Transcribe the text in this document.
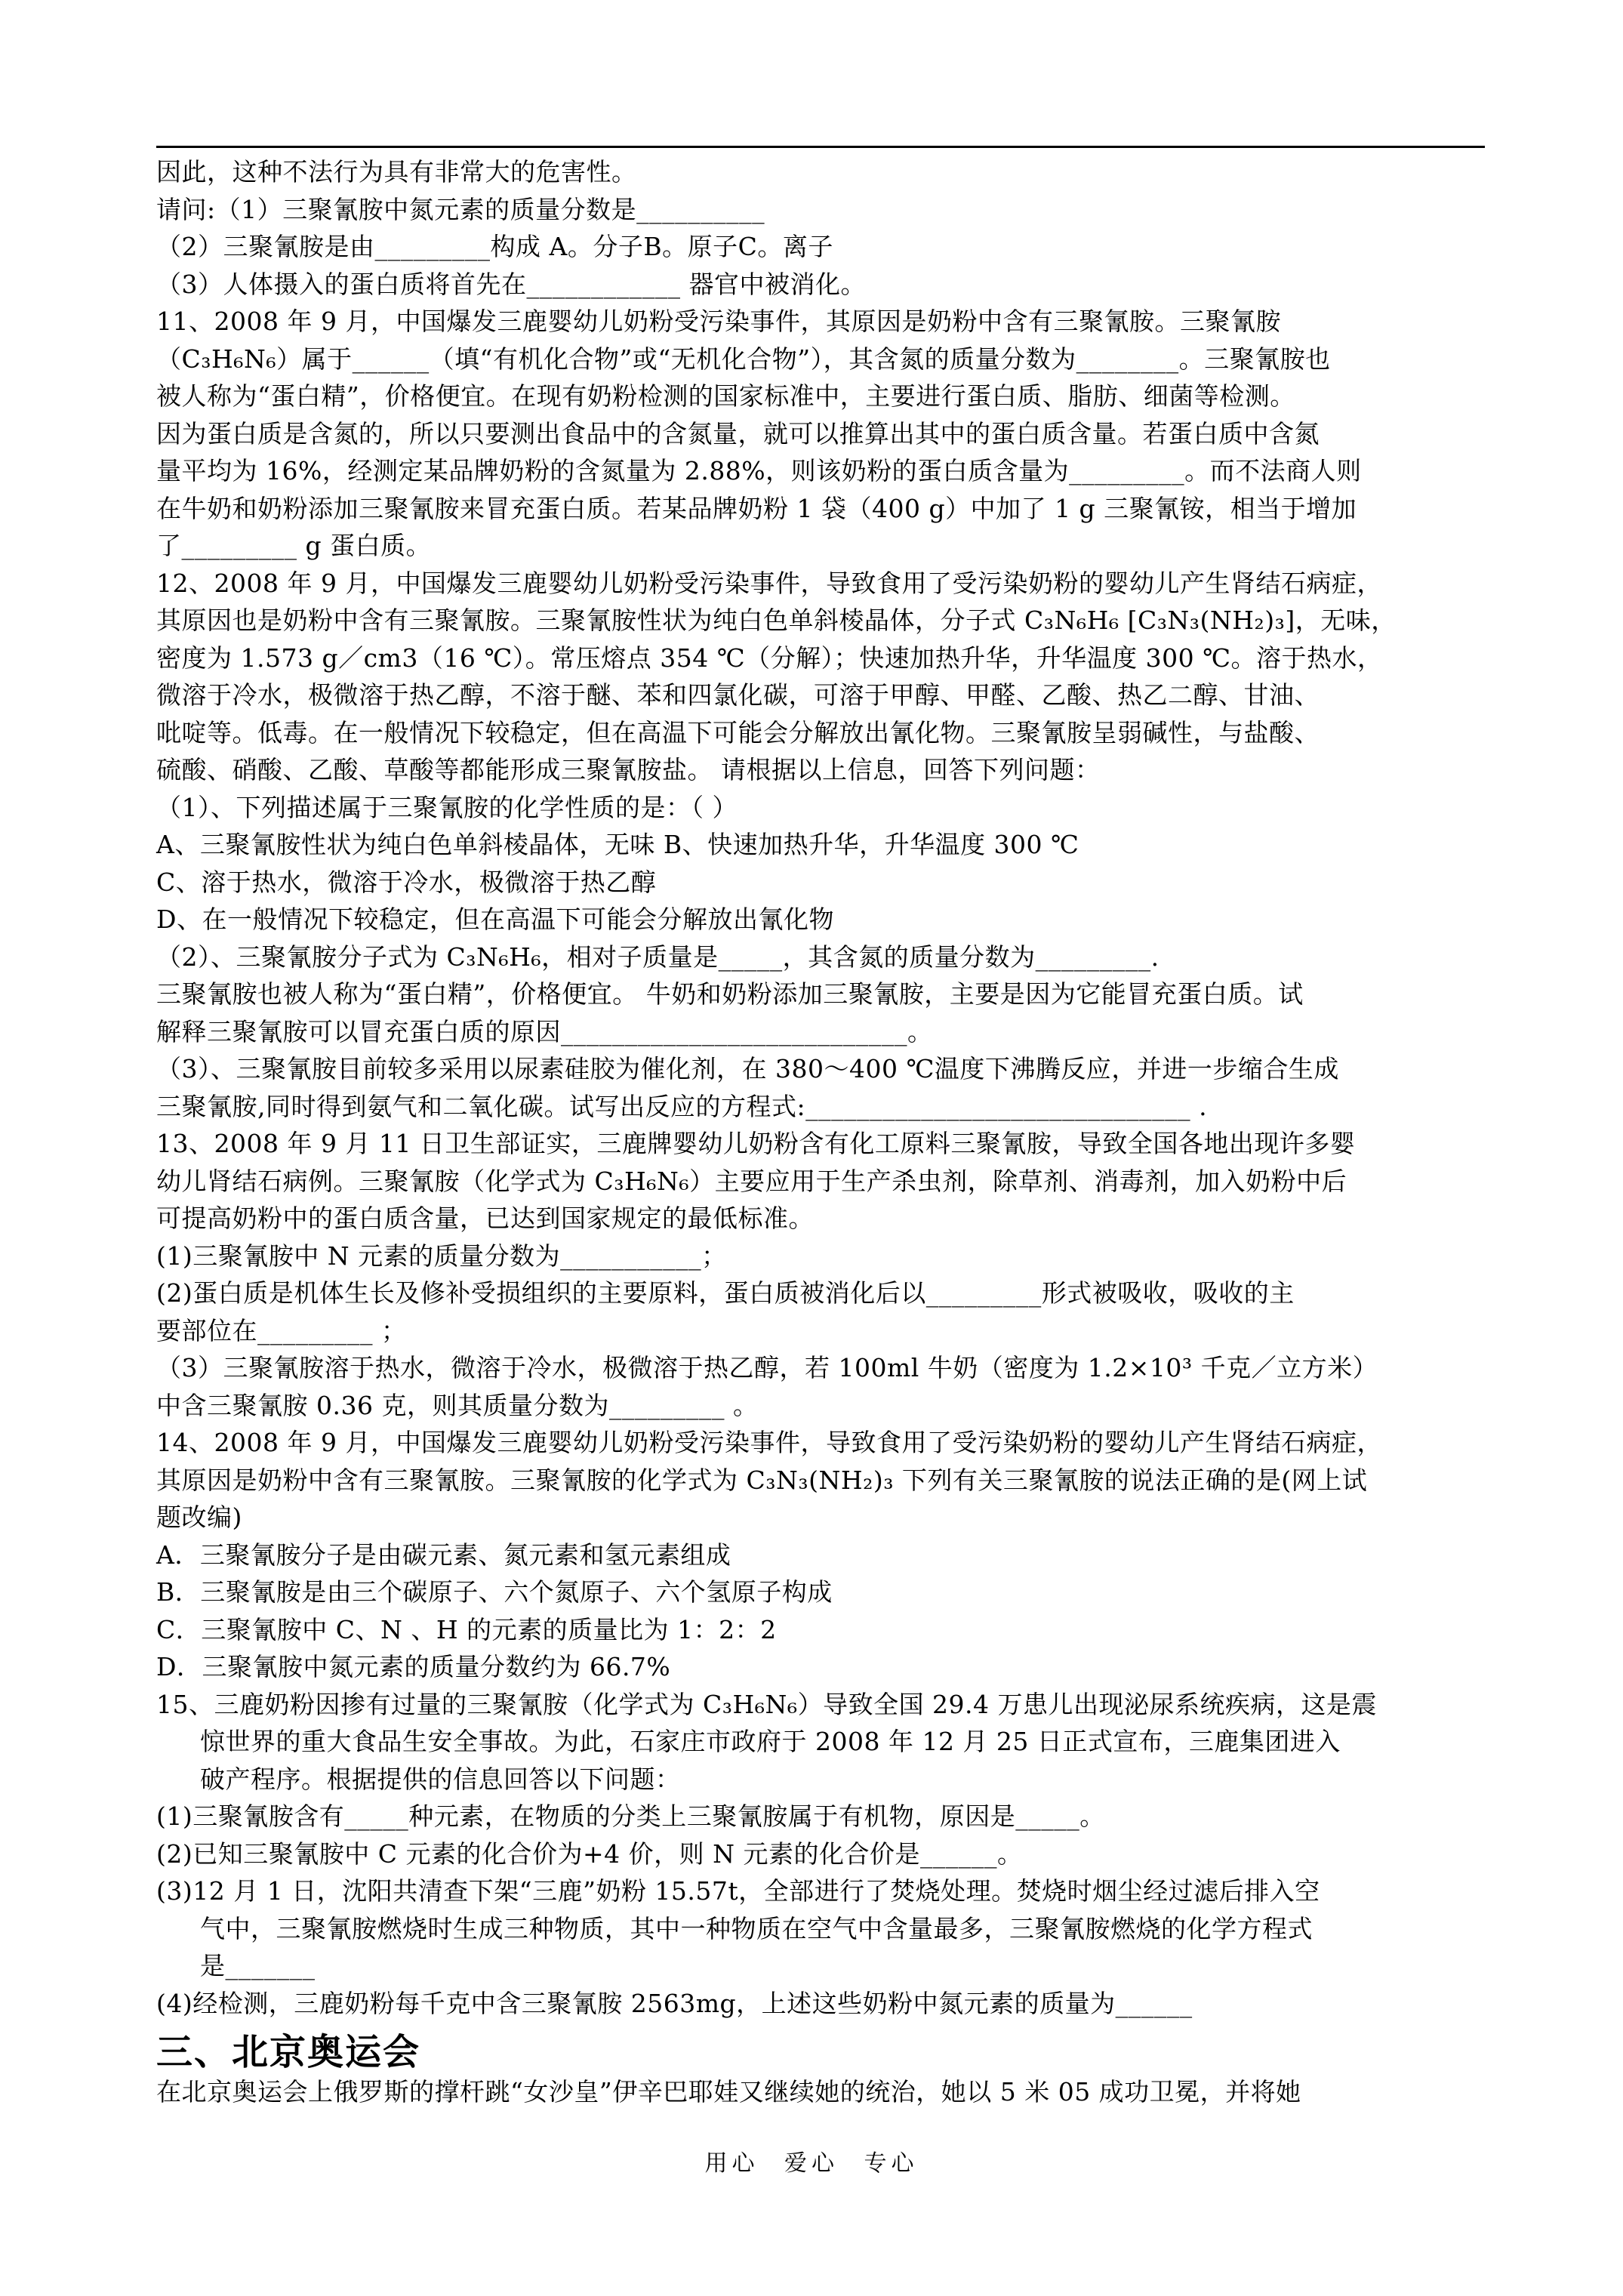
因此，这种不法行为具有非常大的危害性。
请问:（1）三聚氰胺中氮元素的质量分数是__________
（2）三聚氰胺是由_________构成 A。分子B。原子C。离子
（3）人体摄入的蛋白质将首先在____________ 器官中被消化。
11、2008 年 9 月，中国爆发三鹿婴幼儿奶粉受污染事件，其原因是奶粉中含有三聚氰胺。三聚氰胺
（C₃H₆N₆）属于______（填“有机化合物”或“无机化合物”），其含氮的质量分数为________。三聚氰胺也
被人称为“蛋白精”，价格便宜。在现有奶粉检测的国家标准中，主要进行蛋白质、脂肪、细菌等检测。
因为蛋白质是含氮的，所以只要测出食品中的含氮量，就可以推算出其中的蛋白质含量。若蛋白质中含氮
量平均为 16%，经测定某品牌奶粉的含氮量为 2.88%，则该奶粉的蛋白质含量为_________。而不法商人则
在牛奶和奶粉添加三聚氰胺来冒充蛋白质。若某品牌奶粉 1 袋（400 g）中加了 1 g 三聚氰铵，相当于增加
了_________ g 蛋白质。
12、2008 年 9 月，中国爆发三鹿婴幼儿奶粉受污染事件，导致食用了受污染奶粉的婴幼儿产生肾结石病症，
其原因也是奶粉中含有三聚氰胺。三聚氰胺性状为纯白色单斜棱晶体，分子式 C₃N₆H₆ [C₃N₃(NH₂)₃]，无味，
密度为 1.573 g／cm3（16 ℃）。常压熔点 354 ℃（分解）；快速加热升华，升华温度 300 ℃。溶于热水，
微溶于冷水，极微溶于热乙醇，不溶于醚、苯和四氯化碳，可溶于甲醇、甲醛、乙酸、热乙二醇、甘油、
吡啶等。低毒。在一般情况下较稳定，但在高温下可能会分解放出氰化物。三聚氰胺呈弱碱性，与盐酸、
硫酸、硝酸、乙酸、草酸等都能形成三聚氰胺盐。 请根据以上信息，回答下列问题：
（1）、下列描述属于三聚氰胺的化学性质的是：（ ）
A、三聚氰胺性状为纯白色单斜棱晶体，无味 B、快速加热升华，升华温度 300 ℃
C、溶于热水，微溶于冷水，极微溶于热乙醇
D、在一般情况下较稳定，但在高温下可能会分解放出氰化物
（2）、三聚氰胺分子式为 C₃N₆H₆，相对子质量是_____，其含氮的质量分数为_________.
三聚氰胺也被人称为“蛋白精”，价格便宜。 牛奶和奶粉添加三聚氰胺，主要是因为它能冒充蛋白质。试
解释三聚氰胺可以冒充蛋白质的原因___________________________。
（3）、三聚氰胺目前较多采用以尿素硅胶为催化剂，在 380～400 ℃温度下沸腾反应，并进一步缩合生成
三聚氰胺,同时得到氨气和二氧化碳。试写出反应的方程式:______________________________ .
13、2008 年 9 月 11 日卫生部证实，三鹿牌婴幼儿奶粉含有化工原料三聚氰胺，导致全国各地出现许多婴
幼儿肾结石病例。三聚氰胺（化学式为 C₃H₆N₆）主要应用于生产杀虫剂，除草剂、消毒剂，加入奶粉中后
可提高奶粉中的蛋白质含量，已达到国家规定的最低标准。
(1)三聚氰胺中 N 元素的质量分数为___________；
(2)蛋白质是机体生长及修补受损组织的主要原料，蛋白质被消化后以_________形式被吸收，吸收的主
要部位在_________ ；
（3）三聚氰胺溶于热水，微溶于冷水，极微溶于热乙醇，若 100ml 牛奶（密度为 1.2×10³ 千克／立方米）
中含三聚氰胺 0.36 克，则其质量分数为_________ 。
14、2008 年 9 月，中国爆发三鹿婴幼儿奶粉受污染事件，导致食用了受污染奶粉的婴幼儿产生肾结石病症，
其原因是奶粉中含有三聚氰胺。三聚氰胺的化学式为 C₃N₃(NH₂)₃ 下列有关三聚氰胺的说法正确的是(网上试
题改编)
A．三聚氰胺分子是由碳元素、氮元素和氢元素组成
B．三聚氰胺是由三个碳原子、六个氮原子、六个氢原子构成
C．三聚氰胺中 C、N 、H 的元素的质量比为 1：2：2
D．三聚氰胺中氮元素的质量分数约为 66.7%
15、三鹿奶粉因掺有过量的三聚氰胺（化学式为 C₃H₆N₆）导致全国 29.4 万患儿出现泌尿系统疾病，这是震
惊世界的重大食品生安全事故。为此，石家庄市政府于 2008 年 12 月 25 日正式宣布，三鹿集团进入
破产程序。根据提供的信息回答以下问题：
(1)三聚氰胺含有_____种元素，在物质的分类上三聚氰胺属于有机物，原因是_____。
(2)已知三聚氰胺中 C 元素的化合价为+4 价，则 N 元素的化合价是______。
(3)12 月 1 日，沈阳共清查下架“三鹿”奶粉 15.57t，全部进行了焚烧处理。焚烧时烟尘经过滤后排入空
气中，三聚氰胺燃烧时生成三种物质，其中一种物质在空气中含量最多，三聚氰胺燃烧的化学方程式
是_______
(4)经检测，三鹿奶粉每千克中含三聚氰胺 2563mg，上述这些奶粉中氮元素的质量为______
三、北京奥运会
在北京奥运会上俄罗斯的撑杆跳“女沙皇”伊辛巴耶娃又继续她的统治，她以 5 米 05 成功卫冕，并将她
用心 爱心 专心
